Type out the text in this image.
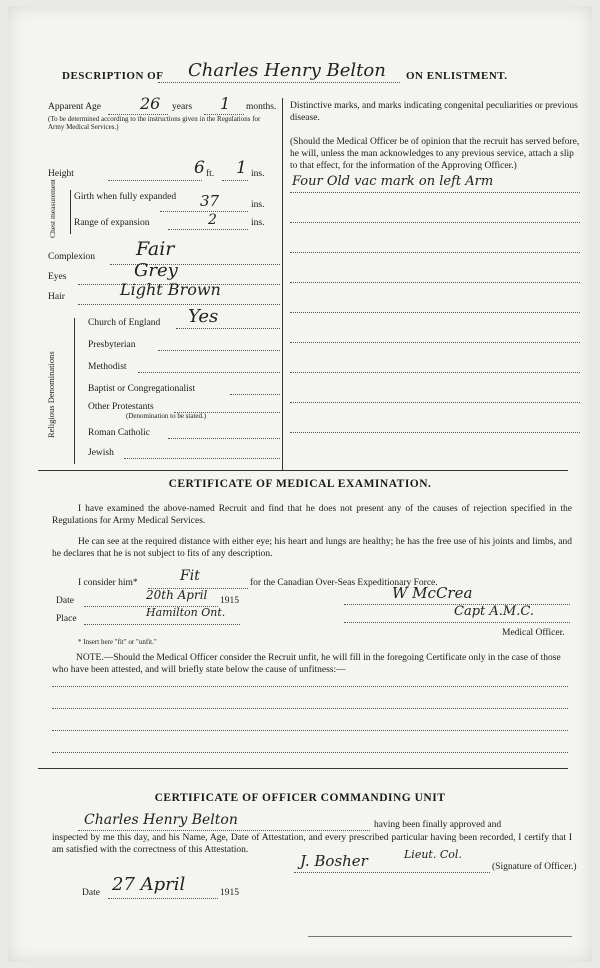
DESCRIPTION OF Charles Henry Belton ON ENLISTMENT.
Apparent Age 26 years 1 months.
(To be determined according to the instructions given in the Regulations for Army Medical Services.)
Distinctive marks, and marks indicating congenital peculiarities or previous disease.
(Should the Medical Officer be of opinion that the recruit has served before, he will, unless the man acknowledges to any previous service, attach a slip to that effect, for the information of the Approving Officer.)
Four Old vac mark on left Arm
Height	6 ft. 1 ins.
Chest measurement Girth when fully expanded 37	ins.
Range of expansion	2	ins.
Complexion Fair
Eyes	Grey
Hair	Light Brown
Religious Denominations
Church of England Yes
Presbyterian
Methodist
Baptist or Congregationalist
Other Protestants
(Denomination to be stated.)
Roman Catholic
Jewish
CERTIFICATE OF MEDICAL EXAMINATION.
I have examined the above-named Recruit and find that he does not present any of the causes of rejection specified in the Regulations for Army Medical Services.
He can see at the required distance with either eye; his heart and lungs are healthy; he has the free use of his joints and limbs, and he declares that he is not subject to fits of any description.
I consider him*	Fit	for the Canadian Over-Seas Expeditionary Force.
Date	20th April 1915	W McCrea
Place	Hamilton Ont.	Capt A.M.C.
Medical Officer.
* Insert here "fit" or "unfit."
NOTE.—Should the Medical Officer consider the Recruit unfit, he will fill in the foregoing Certificate only in the case of those who have been attested, and will briefly state below the cause of unfitness:—
CERTIFICATE OF OFFICER COMMANDING UNIT
Charles Henry Belton	having been finally approved and
inspected by me this day, and his Name, Age, Date of Attestation, and every prescribed particular having been recorded, I certify that I am satisfied with the correctness of this Attestation.
J. Bosher	Lieut. Col.
(Signature of Officer.)
Date 27 April	1915
